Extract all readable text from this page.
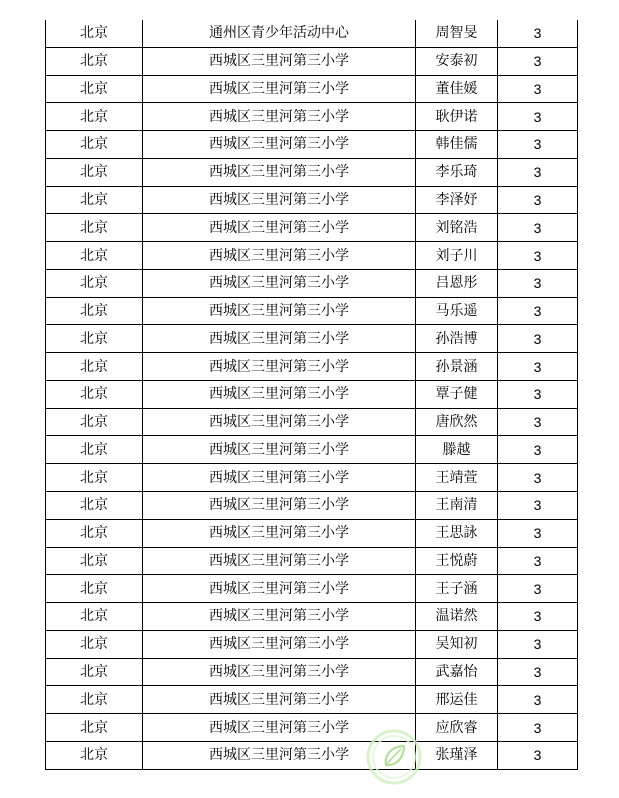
北京	通州区青少年活动中心	周智旻	3
北京	西城区三里河第三小学	安泰初	3
北京	西城区三里河第三小学	董佳媛	3
北京	西城区三里河第三小学	耿伊诺	3
北京	西城区三里河第三小学	韩佳儒	3
北京	西城区三里河第三小学	李乐琦	3
北京	西城区三里河第三小学	李泽妤	3
北京	西城区三里河第三小学	刘铭浩	3
北京	西城区三里河第三小学	刘子川	3
北京	西城区三里河第三小学	吕恩彤	3
北京	西城区三里河第三小学	马乐遥	3
北京	西城区三里河第三小学	孙浩博	3
北京	西城区三里河第三小学	孙景涵	3
北京	西城区三里河第三小学	覃子健	3
北京	西城区三里河第三小学	唐欣然	3
北京	西城区三里河第三小学	滕越	3
北京	西城区三里河第三小学	王靖萱	3
北京	西城区三里河第三小学	王南清	3
北京	西城区三里河第三小学	王思詠	3
北京	西城区三里河第三小学	王悦蔚	3
北京	西城区三里河第三小学	王子涵	3
北京	西城区三里河第三小学	温诺然	3
北京	西城区三里河第三小学	吴知初	3
北京	西城区三里河第三小学	武嘉怡	3
北京	西城区三里河第三小学	邢运佳	3
北京	西城区三里河第三小学	应欣睿	3
北京	西城区三里河第三小学	张瑾泽	3
